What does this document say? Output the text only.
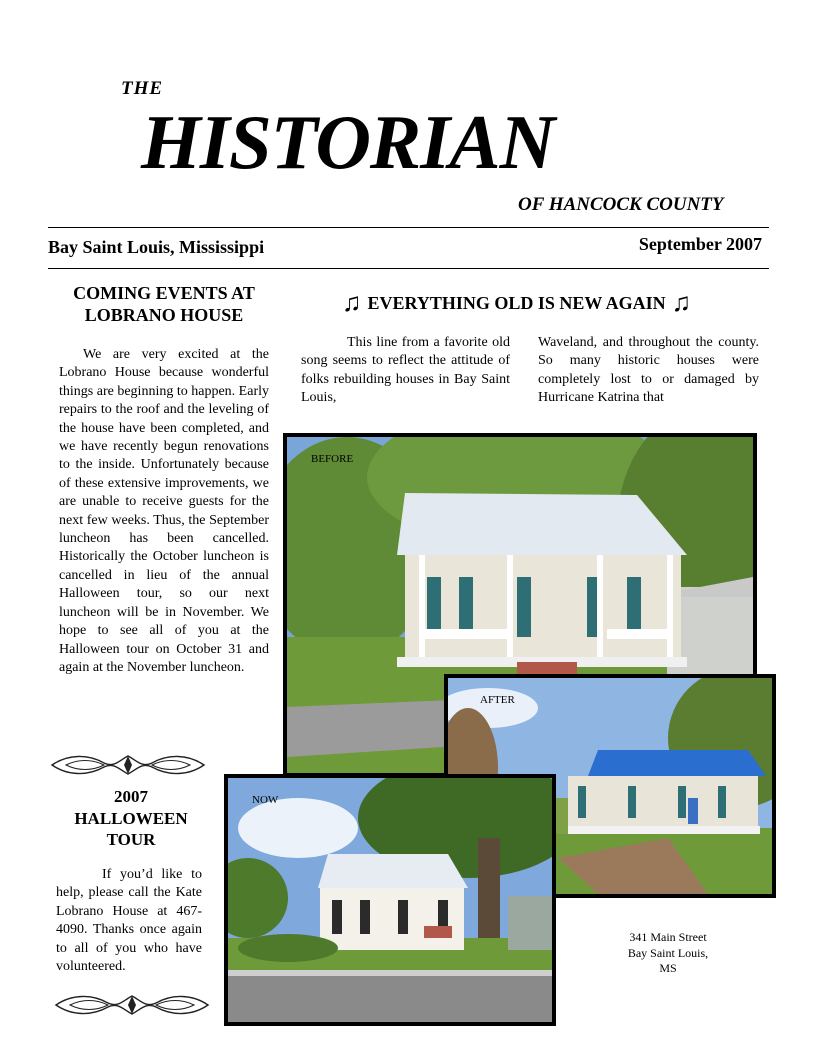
THE
HISTORIAN
OF HANCOCK COUNTY
Bay Saint Louis, Mississippi	September 2007
COMING EVENTS AT
LOBRANO HOUSE
We are very excited at the Lobrano House because wonderful things are beginning to happen. Early repairs to the roof and the leveling of the house have been completed, and we have recently begun renovations to the inside. Unfortunately because of these extensive improvements, we are unable to receive guests for the next few weeks. Thus, the September luncheon has been cancelled. Historically the October luncheon is cancelled in lieu of the annual Halloween tour, so our next luncheon will be in November. We hope to see all of you at the Halloween tour on October 31 and again at the November luncheon.
2007
HALLOWEEN
TOUR
If you’d like to help, please call the Kate Lobrano House at 467-4090. Thanks once again to all of you who have volunteered.
♫ EVERYTHING OLD IS NEW AGAIN ♫
This line from a favorite old song seems to reflect the attitude of folks rebuilding houses in Bay Saint Louis,
Waveland, and throughout the county. So many historic houses were completely lost to or damaged by Hurricane Katrina that
BEFORE
AFTER
NOW
341 Main Street
Bay Saint Louis,
MS
